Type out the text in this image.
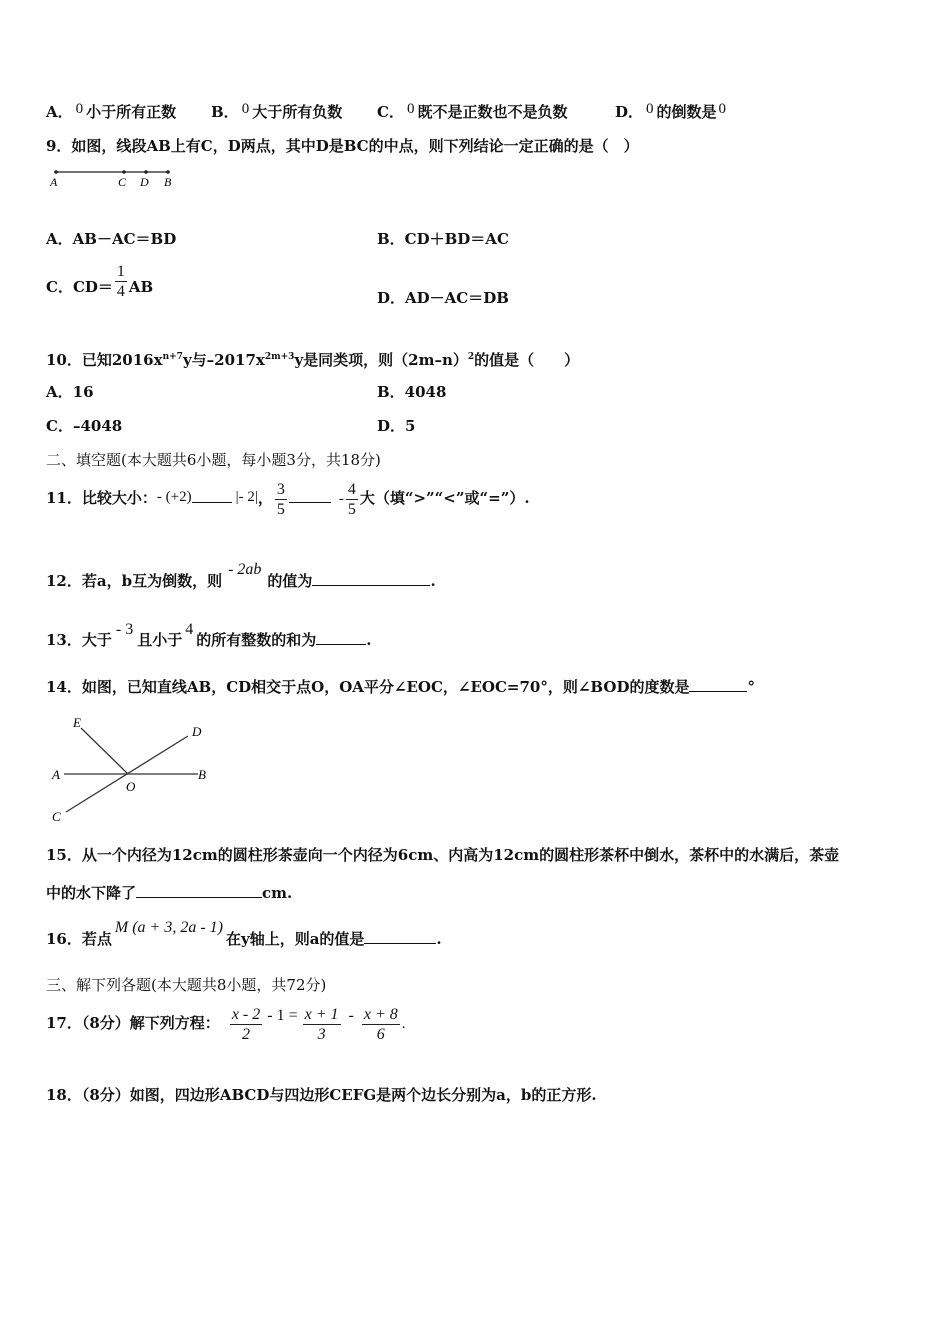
A． 0 小于所有正数 B． 0 大于所有负数 C． 0 既不是正数也不是负数	D． 0 的倒数是 0
9．如图，线段AB上有C，D两点，其中D是BC的中点，则下列结论一定正确的是（　）
A	C D B
A．AB－AC＝BD	B．CD＋BD＝AC
C．$CD= \frac{1}{4}$ AB
D．AD－AC＝DB
10．已知$2016x^{n+7}y$与$-2017x^{2m+3}y$是同类项，则$(2m-n)^2$的值是（　　）
A．16	B．4048
C．–4048	D．5
二、填空题(本大题共6小题，每小题3分，共18分)
11．比较大小：- (+2)	|- 2|， $\frac{3}{5}$	- $\frac{4}{5}$ 大（填“>”“<”或“=”）.
12．若a，b互为倒数，则- 2ab的值为	.
13．大于- 3且小于4的所有整数的和为	.
14．如图，已知直线AB，CD相交于点O，OA平分∠EOC，∠EOC=70°，则∠BOD的度数是	°
E
D
A
O
B
C
15．从一个内径为12cm的圆柱形茶壶向一个内径为6cm、内高为12cm的圆柱形茶杯中倒水，茶杯中的水满后，茶壶
中的水下降了	cm.
16．若点M (a + 3, 2a - 1)在y轴上，则a的值是	.
三、解下列各题(本大题共8小题，共72分)
17．（8分）解下列方程： $\frac{x - 2}{2} - 1 = \frac{x + 1}{3} - \frac{x + 8}{6}$ .
18．（8分）如图，四边形ABCD与四边形CEFG是两个边长分别为a，b的正方形.
